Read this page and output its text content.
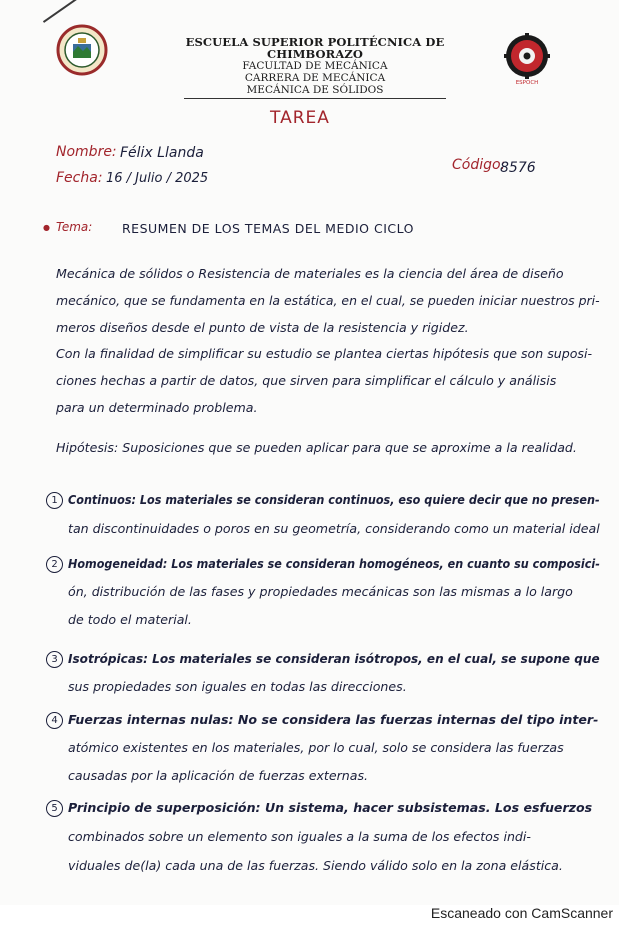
ESCUELA SUPERIOR POLITÉCNICA DE CHIMBORAZO
FACULTAD DE MECÁNICA
CARRERA DE MECÁNICA
MECÁNICA DE SÓLIDOS
ESPOCH
TAREA
Nombre: Félix Llanda
Fecha: 16 / Julio / 2025
Código:
8576
● Tema: RESUMEN DE LOS TEMAS DEL MEDIO CICLO
Mecánica de sólidos o Resistencia de materiales es la ciencia del área de diseño
mecánico, que se fundamenta en la estática, en el cual, se pueden iniciar nuestros pri-
meros diseños desde el punto de vista de la resistencia y rigidez.
Con la finalidad de simplificar su estudio se plantea ciertas hipótesis que son suposi-
ciones hechas a partir de datos, que sirven para simplificar el cálculo y análisis
para un determinado problema.
Hipótesis: Suposiciones que se pueden aplicar para que se aproxime a la realidad.
1 Continuos: Los materiales se consideran continuos, eso quiere decir que no presen-
tan discontinuidades o poros en su geometría, considerando como un material ideal
2 Homogeneidad: Los materiales se consideran homogéneos, en cuanto su composici-
ón, distribución de las fases y propiedades mecánicas son las mismas a lo largo
de todo el material.
3 Isotrópicas: Los materiales se consideran isótropos, en el cual, se supone que
sus propiedades son iguales en todas las direcciones.
4 Fuerzas internas nulas: No se considera las fuerzas internas del tipo inter-
atómico existentes en los materiales, por lo cual, solo se considera las fuerzas
causadas por la aplicación de fuerzas externas.
5 Principio de superposición: Un sistema, hacer subsistemas. Los esfuerzos
combinados sobre un elemento son iguales a la suma de los efectos indi-
viduales de(la) cada una de las fuerzas. Siendo válido solo en la zona elástica.
Escaneado con CamScanner
